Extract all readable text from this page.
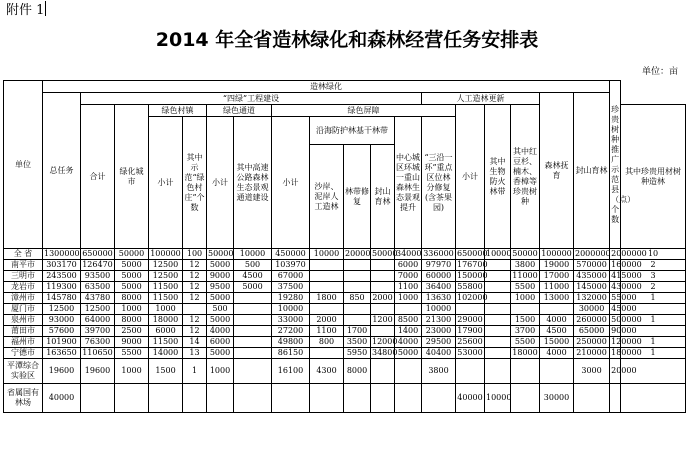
附件 1
2014 年全省造林绿化和森林经营任务安排表
单位：亩
单位	造林绿化																		珍贵树种推广示范县（点）个数	
	总任务	“四绿”工程建设											人工造林更新				森林抚育	封山育林		
		合计	绿化城市	绿色村镇		绿色通道		绿色屏障						小计	其中生物防火林带	其中红豆杉、楠木、香樟等珍贵树种				其中珍贵用材树种造林
				小计	其中示范“绿色村庄”个数	小计	其中高速公路森林生态景观通道建设	小计	沿海防护林基干林带			中心城区环城一重山森林生态景观提升	“三沿一环”重点区位林分修复(含茶果园)							
									沙岸、泥岸人工造林	林带修复	封山育林									
全 省	1300000	650000	50000	100000	100	50000	10000	450000	10000	20000	50000	34000	336000	650000	10000	50000	100000	2000000	2000000	10
南平市	303170	126470	5000	12500	12	5000	500	103970				6000	97970	176700		3800	19000	570000	160000	2
三明市	243500	93500	5000	12500	12	9000	4500	67000				7000	60000	150000		11000	17000	435000	415000	3
龙岩市	119300	63500	5000	11500	12	9500	5000	37500				1100	36400	55800		5500	11000	145000	430000	2
漳州市	145780	43780	8000	11500	12	5000		19280	1800	850	2000	1000	13630	102000		1000	13000	132000	55000	1
厦门市	12500	12500	1000	1000		500		10000					10000					30000	45000	
泉州市	93000	64000	8000	18000	12	5000		33000	2000		1200	8500	21300	29000		1500	4000	260000	500000	1
莆田市	57600	39700	2500	6000	12	4000		27200	1100	1700		1400	23000	17900		3700	4500	65000	90000	
福州市	101900	76300	9000	11500	14	6000		49800	800	3500	12000	4000	29500	25600		5500	15000	250000	120000	1
宁德市	163650	110650	5500	14000	13	5000		86150		5950	34800	5000	40400	53000		18000	4000	210000	180000	1
平潭综合实验区	19600	19600	1000	1500	1	1000		16100	4300	8000			3800					3000	20000	
省属国有林场	40000													40000	10000		30000			
